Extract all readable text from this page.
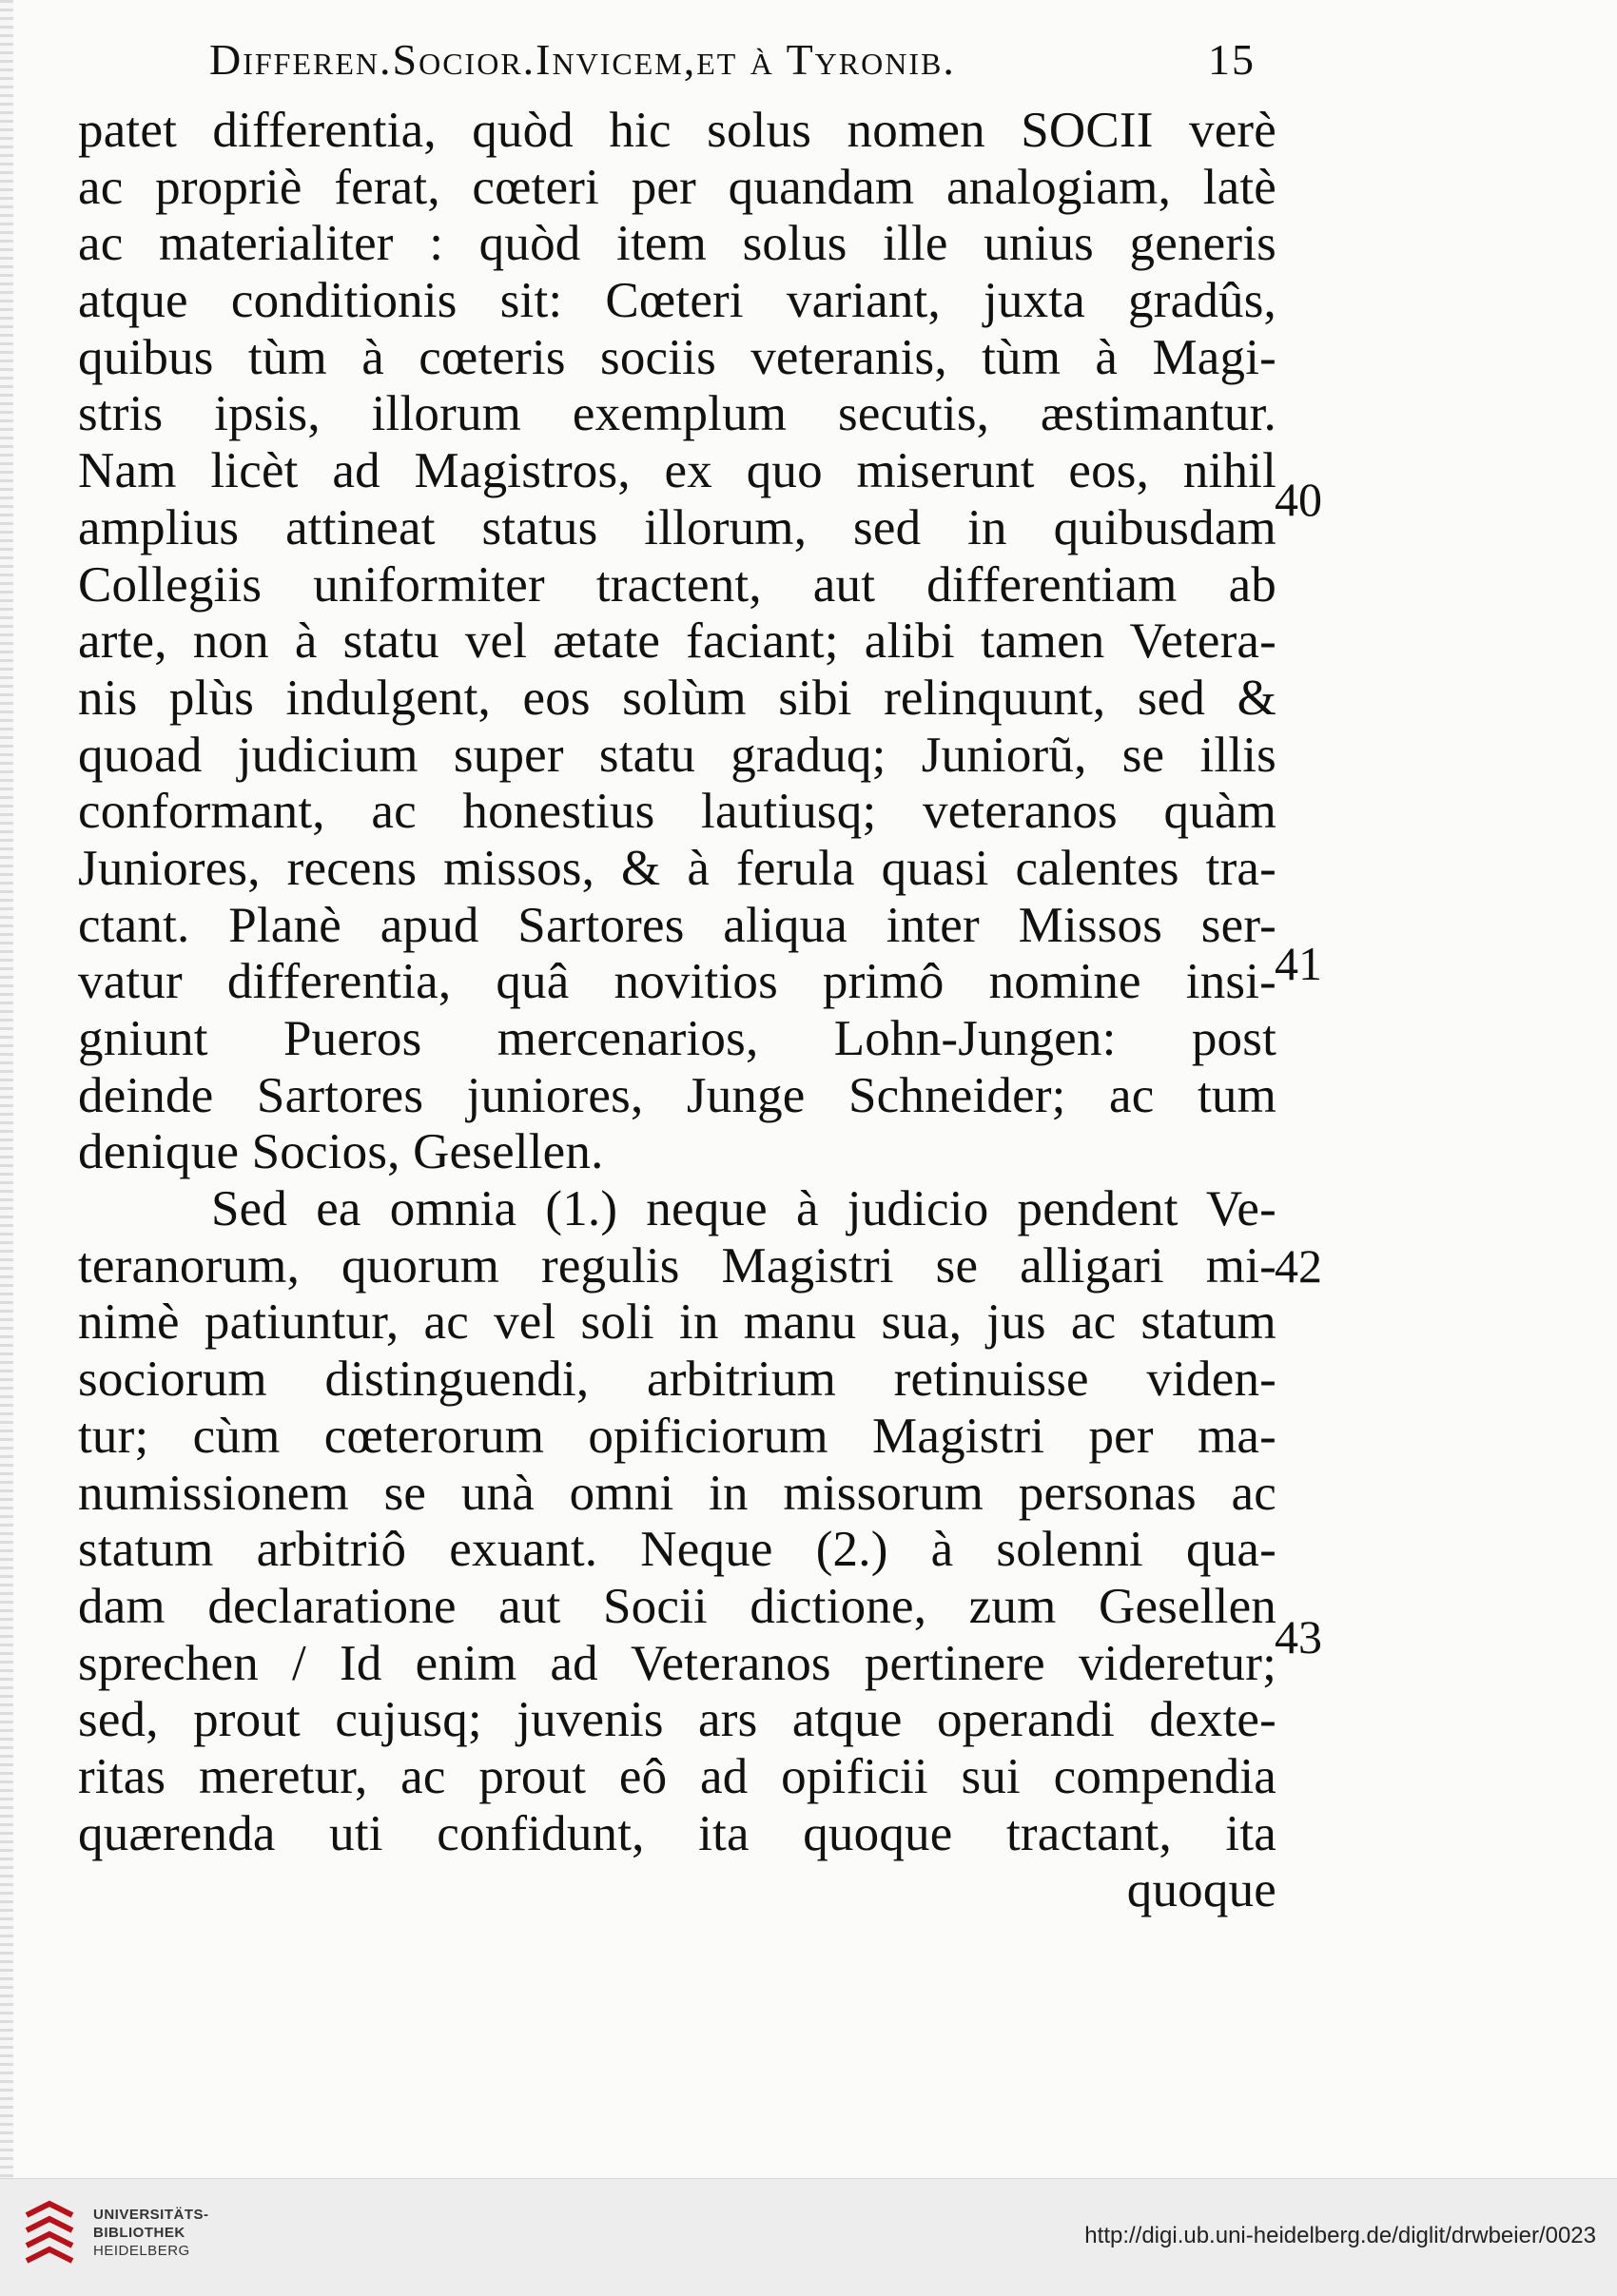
Differen.Socior.Invicem,et à Tyronib.	15
patet differentia, quòd hic solus nomen SOCII verè
ac propriè ferat, cœteri per quandam analogiam, latè
ac materialiter : quòd item solus ille unius generis
atque conditionis sit: Cœteri variant, juxta gradûs,
quibus tùm à cœteris sociis veteranis, tùm à Magi-
stris ipsis, illorum exemplum secutis, æstimantur.
Nam licèt ad Magistros, ex quo miserunt eos, nihil
amplius attineat status illorum, sed in quibusdam
Collegiis uniformiter tractent, aut differentiam ab
arte, non à statu vel ætate faciant; alibi tamen Vetera-
nis plùs indulgent, eos solùm sibi relinquunt, sed &
quoad judicium super statu graduq; Juniorũ, se illis
conformant, ac honestius lautiusq; veteranos quàm
Juniores, recens missos, & à ferula quasi calentes tra-
ctant. Planè apud Sartores aliqua inter Missos ser-
vatur differentia, quâ novitios primô nomine insi-
gniunt Pueros mercenarios, Lohn-Jungen: post
deinde Sartores juniores, Junge Schneider; ac tum
denique Socios, Gesellen.
Sed ea omnia (1.) neque à judicio pendent Ve-
teranorum, quorum regulis Magistri se alligari mi-
nimè patiuntur, ac vel soli in manu sua, jus ac statum
sociorum distinguendi, arbitrium retinuisse viden-
tur; cùm cœterorum opificiorum Magistri per ma-
numissionem se unà omni in missorum personas ac
statum arbitriô exuant. Neque (2.) à solenni qua-
dam declaratione aut Socii dictione, zum Gesellen
sprechen / Id enim ad Veteranos pertinere videretur;
sed, prout cujusq; juvenis ars atque operandi dexte-
ritas meretur, ac prout eô ad opificii sui compendia
quærenda uti confidunt, ita quoque tractant, ita
quoque
40
41
42
43
UNIVERSITÄTS-
BIBLIOTHEK
HEIDELBERG
http://digi.ub.uni-heidelberg.de/diglit/drwbeier/0023
